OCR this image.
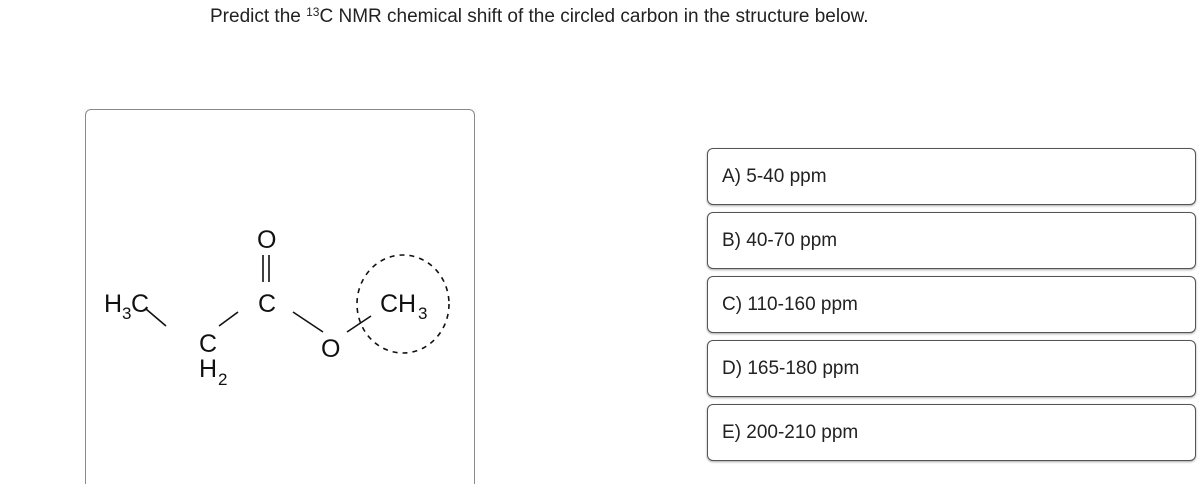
Predict the $^{13}$C NMR chemical shift of the circled carbon in the structure below.
H 3 C
C
H 2
O
C
O
CH 3
A) 5-40 ppm
B) 40-70 ppm
C) 110-160 ppm
D) 165-180 ppm
E) 200-210 ppm
